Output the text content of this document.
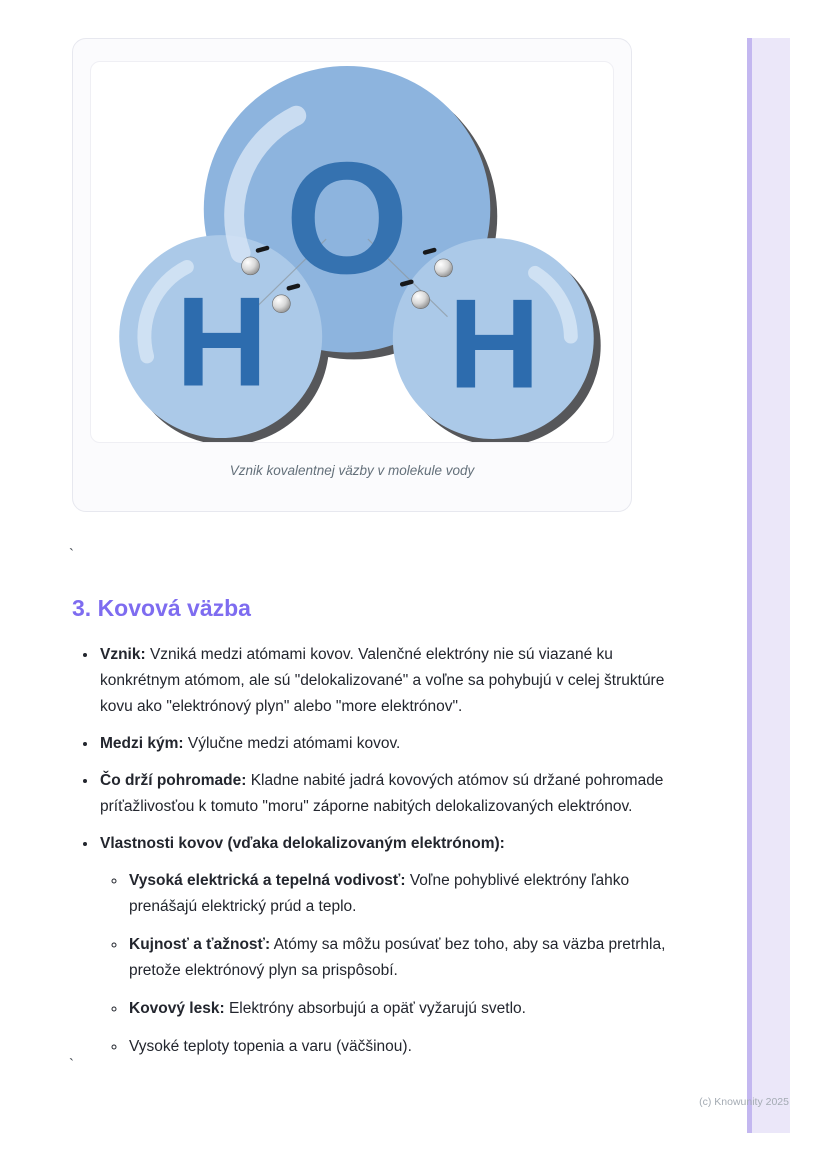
O
H H
Vznik kovalentnej väzby v molekule vody
`
3. Kovová väzba
• Vznik: Vzniká medzi atómami kovov. Valenčné elektróny nie sú viazané ku konkrétnym atómom, ale sú "delokalizované" a voľne sa pohybujú v celej štruktúre kovu ako "elektrónový plyn" alebo "more elektrónov".
• Medzi kým: Výlučne medzi atómami kovov.
• Čo drží pohromade: Kladne nabité jadrá kovových atómov sú držané pohromade príťažlivosťou k tomuto "moru" záporne nabitých delokalizovaných elektrónov.
• Vlastnosti kovov (vďaka delokalizovaným elektrónom):
◦ Vysoká elektrická a tepelná vodivosť: Voľne pohyblivé elektróny ľahko prenášajú elektrický prúd a teplo.
◦ Kujnosť a ťažnosť: Atómy sa môžu posúvať bez toho, aby sa väzba pretrhla, pretože elektrónový plyn sa prispôsobí.
◦ Kovový lesk: Elektróny absorbujú a opäť vyžarujú svetlo.
◦ Vysoké teploty topenia a varu (väčšinou).
`
(c) Knowunity 2025
